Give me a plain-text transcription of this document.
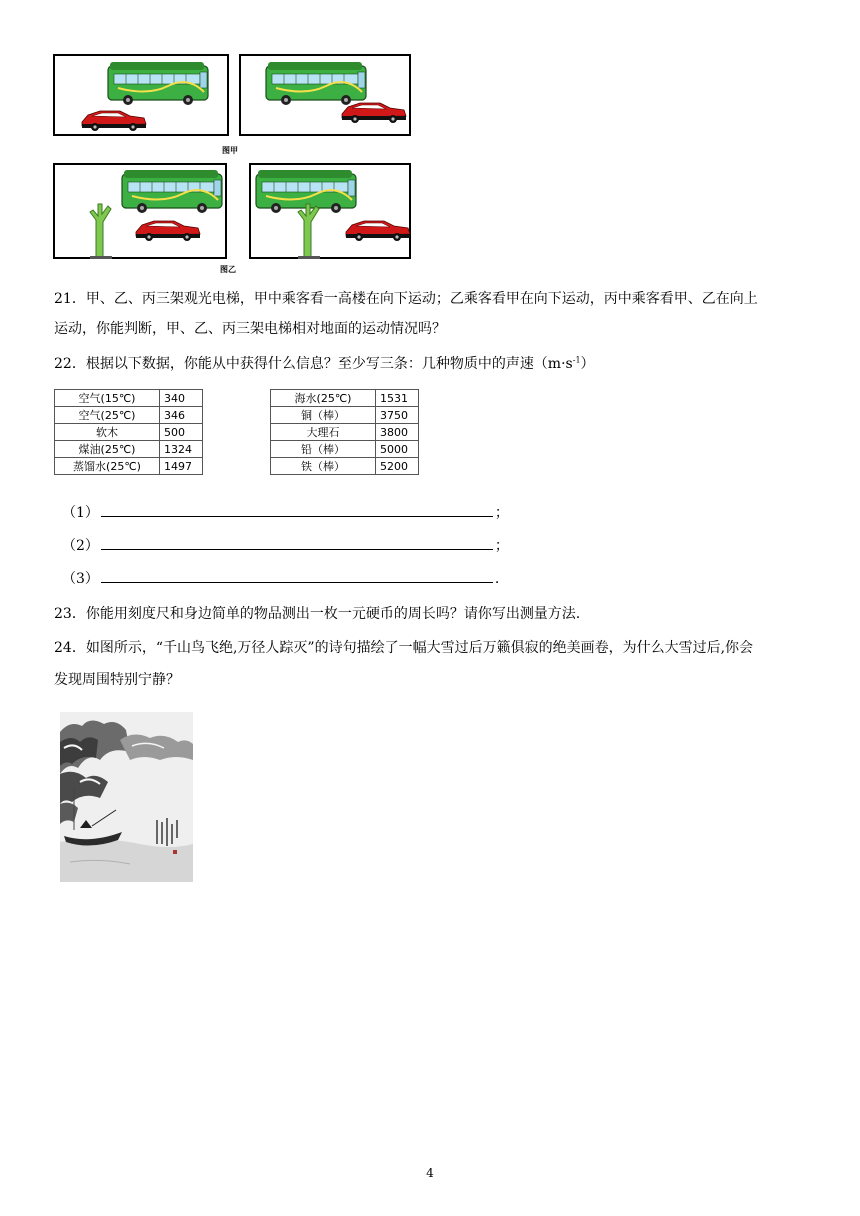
图甲
图乙
21．甲、乙、丙三架观光电梯，甲中乘客看一高楼在向下运动；乙乘客看甲在向下运动，丙中乘客看甲、乙在向上
运动，你能判断，甲、乙、丙三架电梯相对地面的运动情况吗？
22．根据以下数据，你能从中获得什么信息？至少写三条：几种物质中的声速$(m\cdot s^{-1})$
空气(15℃)	340
空气(25℃)	346
软木	500
煤油(25℃)	1324
蒸馏水(25℃)	1497
海水(25℃)	1531
铜（棒）	3750
大理石	3800
铅（棒）	5000
铁（棒）	5200
（1）	；
（2）	；
（3）	.
23．你能用刻度尺和身边简单的物品测出一枚一元硬币的周长吗？请你写出测量方法.
24．如图所示，“千山鸟飞绝,万径人踪灭”的诗句描绘了一幅大雪过后万籁俱寂的绝美画卷，为什么大雪过后,你会
发现周围特别宁静？
4
